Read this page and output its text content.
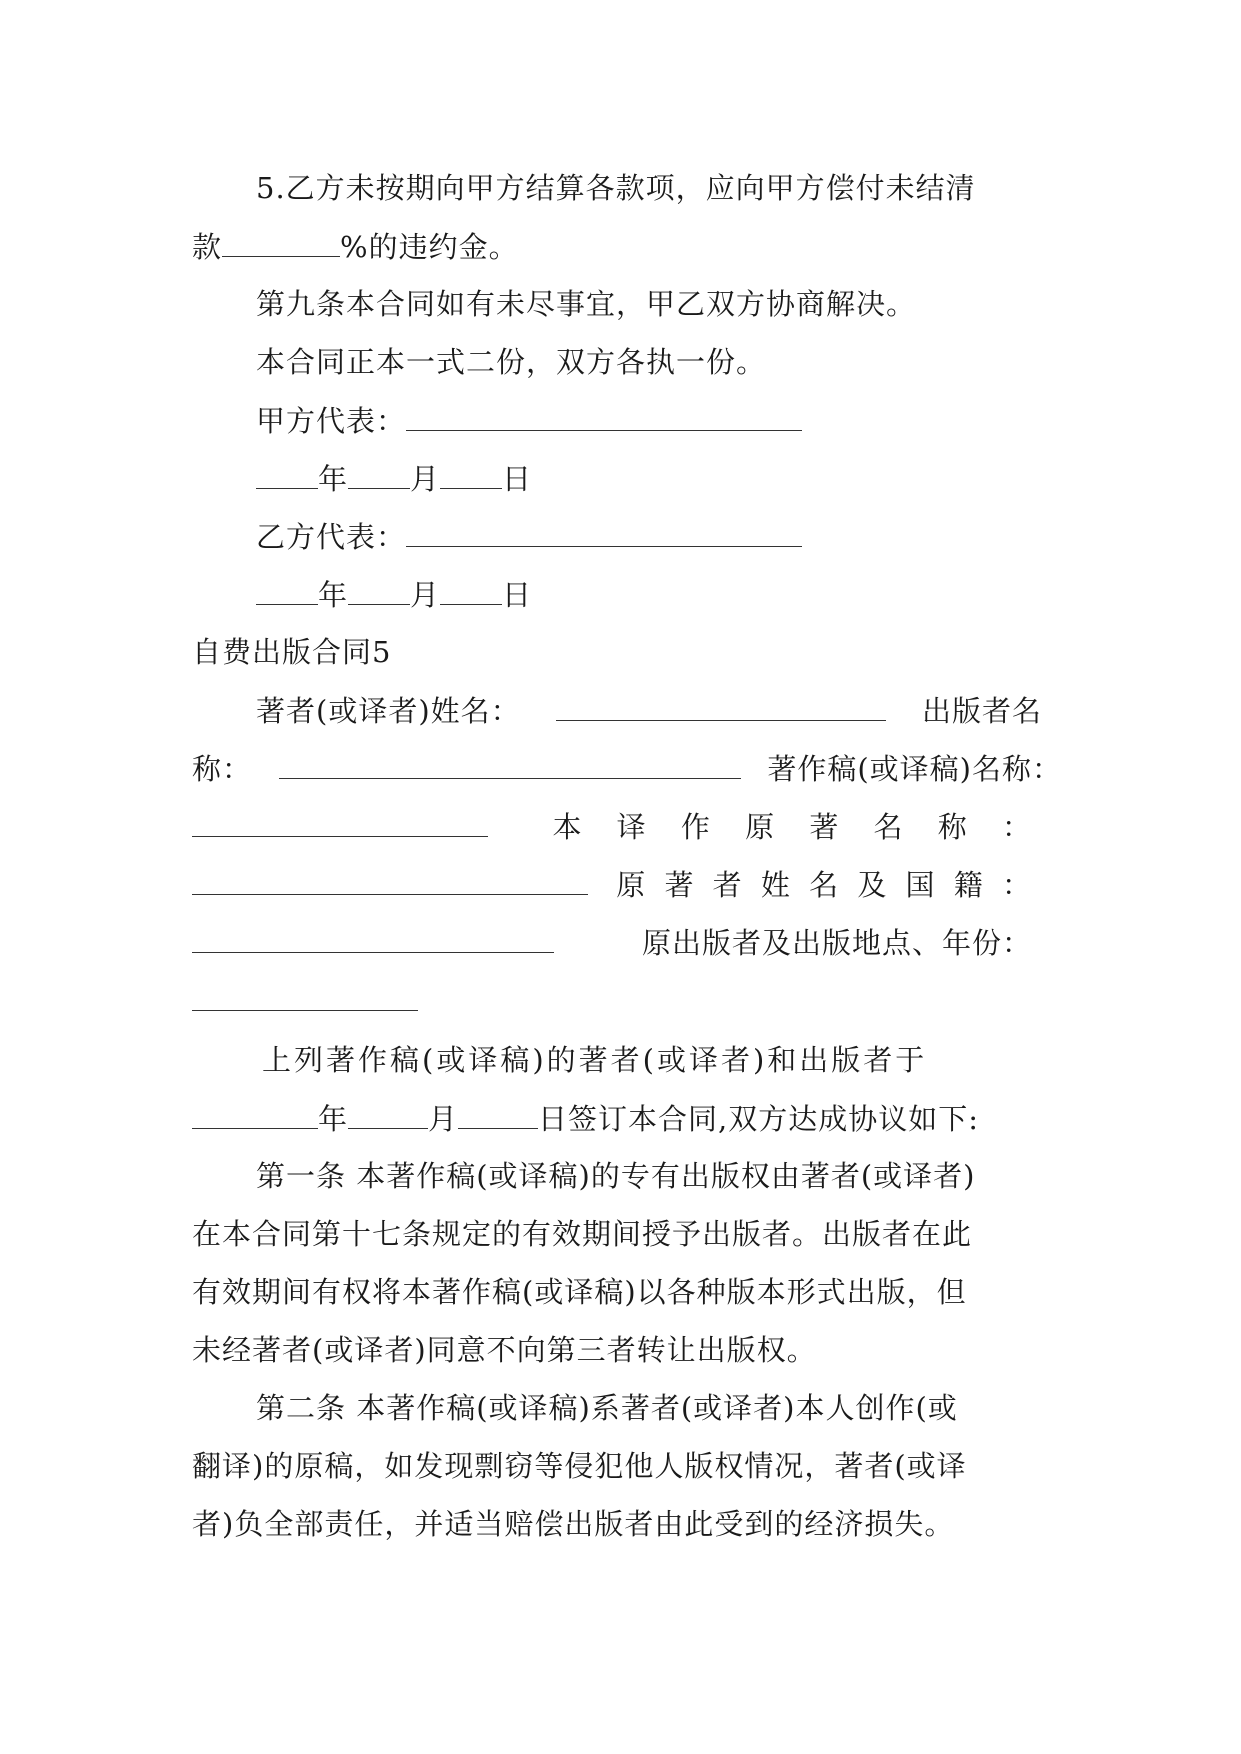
5.乙方未按期向甲方结算各款项，应向甲方偿付未结清
款	%的违约金。
第九条本合同如有未尽事宜，甲乙双方协商解决。
本合同正本一式二份，双方各执一份。
甲方代表：
年 月 日
乙方代表：
年 月 日
自费出版合同5
著者(或译者)姓名：	出版者名
称：	著作稿(或译稿)名称：
本 译 作 原 著 名 称 ：
原 著 者 姓 名 及 国 籍 ：
原出版者及出版地点、年份：
上列著作稿(或译稿)的著者(或译者)和出版者于
年	月	日签订本合同,双方达成协议如下:
第一条 本著作稿(或译稿)的专有出版权由著者(或译者)
在本合同第十七条规定的有效期间授予出版者。出版者在此
有效期间有权将本著作稿(或译稿)以各种版本形式出版，但
未经著者(或译者)同意不向第三者转让出版权。
第二条 本著作稿(或译稿)系著者(或译者)本人创作(或
翻译)的原稿，如发现剽窃等侵犯他人版权情况，著者(或译
者)负全部责任，并适当赔偿出版者由此受到的经济损失。
